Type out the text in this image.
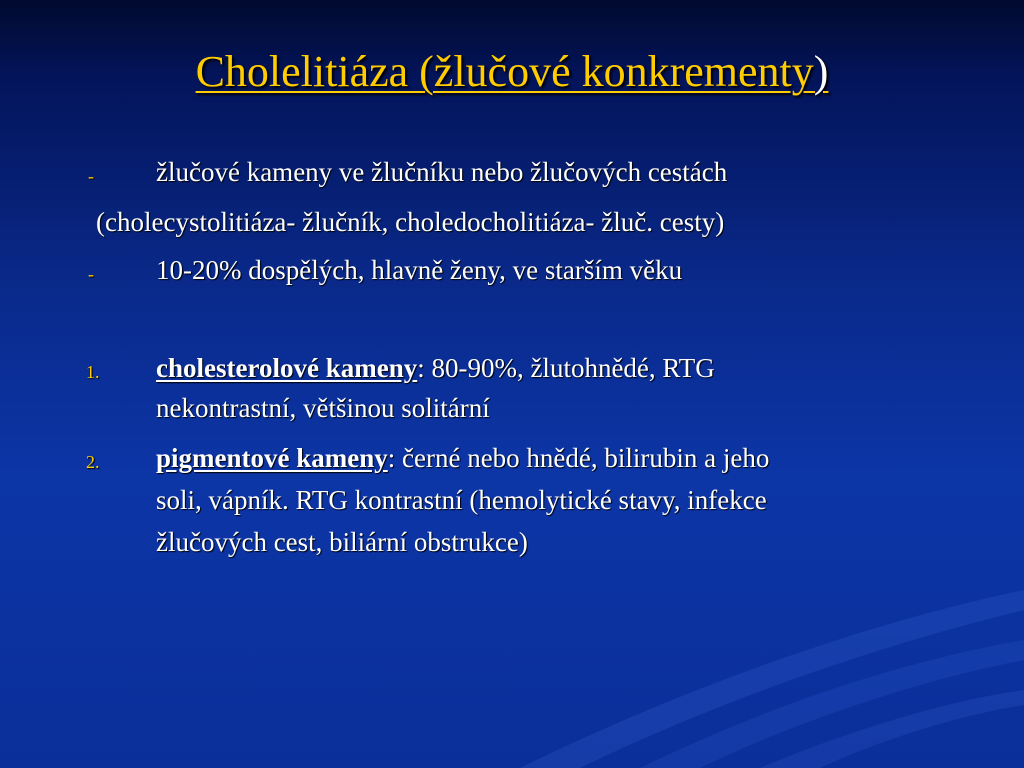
Cholelitiáza (žlučové konkrementy)
- žlučové kameny ve žlučníku nebo žlučových cestách
(cholecystolitiáza- žlučník, choledocholitiáza- žluč. cesty)
- 10-20% dospělých, hlavně ženy, ve starším věku
1. cholesterolové kameny: 80-90%, žlutohnědé, RTG
nekontrastní, většinou solitární
2. pigmentové kameny: černé nebo hnědé, bilirubin a jeho
soli, vápník. RTG kontrastní (hemolytické stavy, infekce
žlučových cest, biliární obstrukce)
